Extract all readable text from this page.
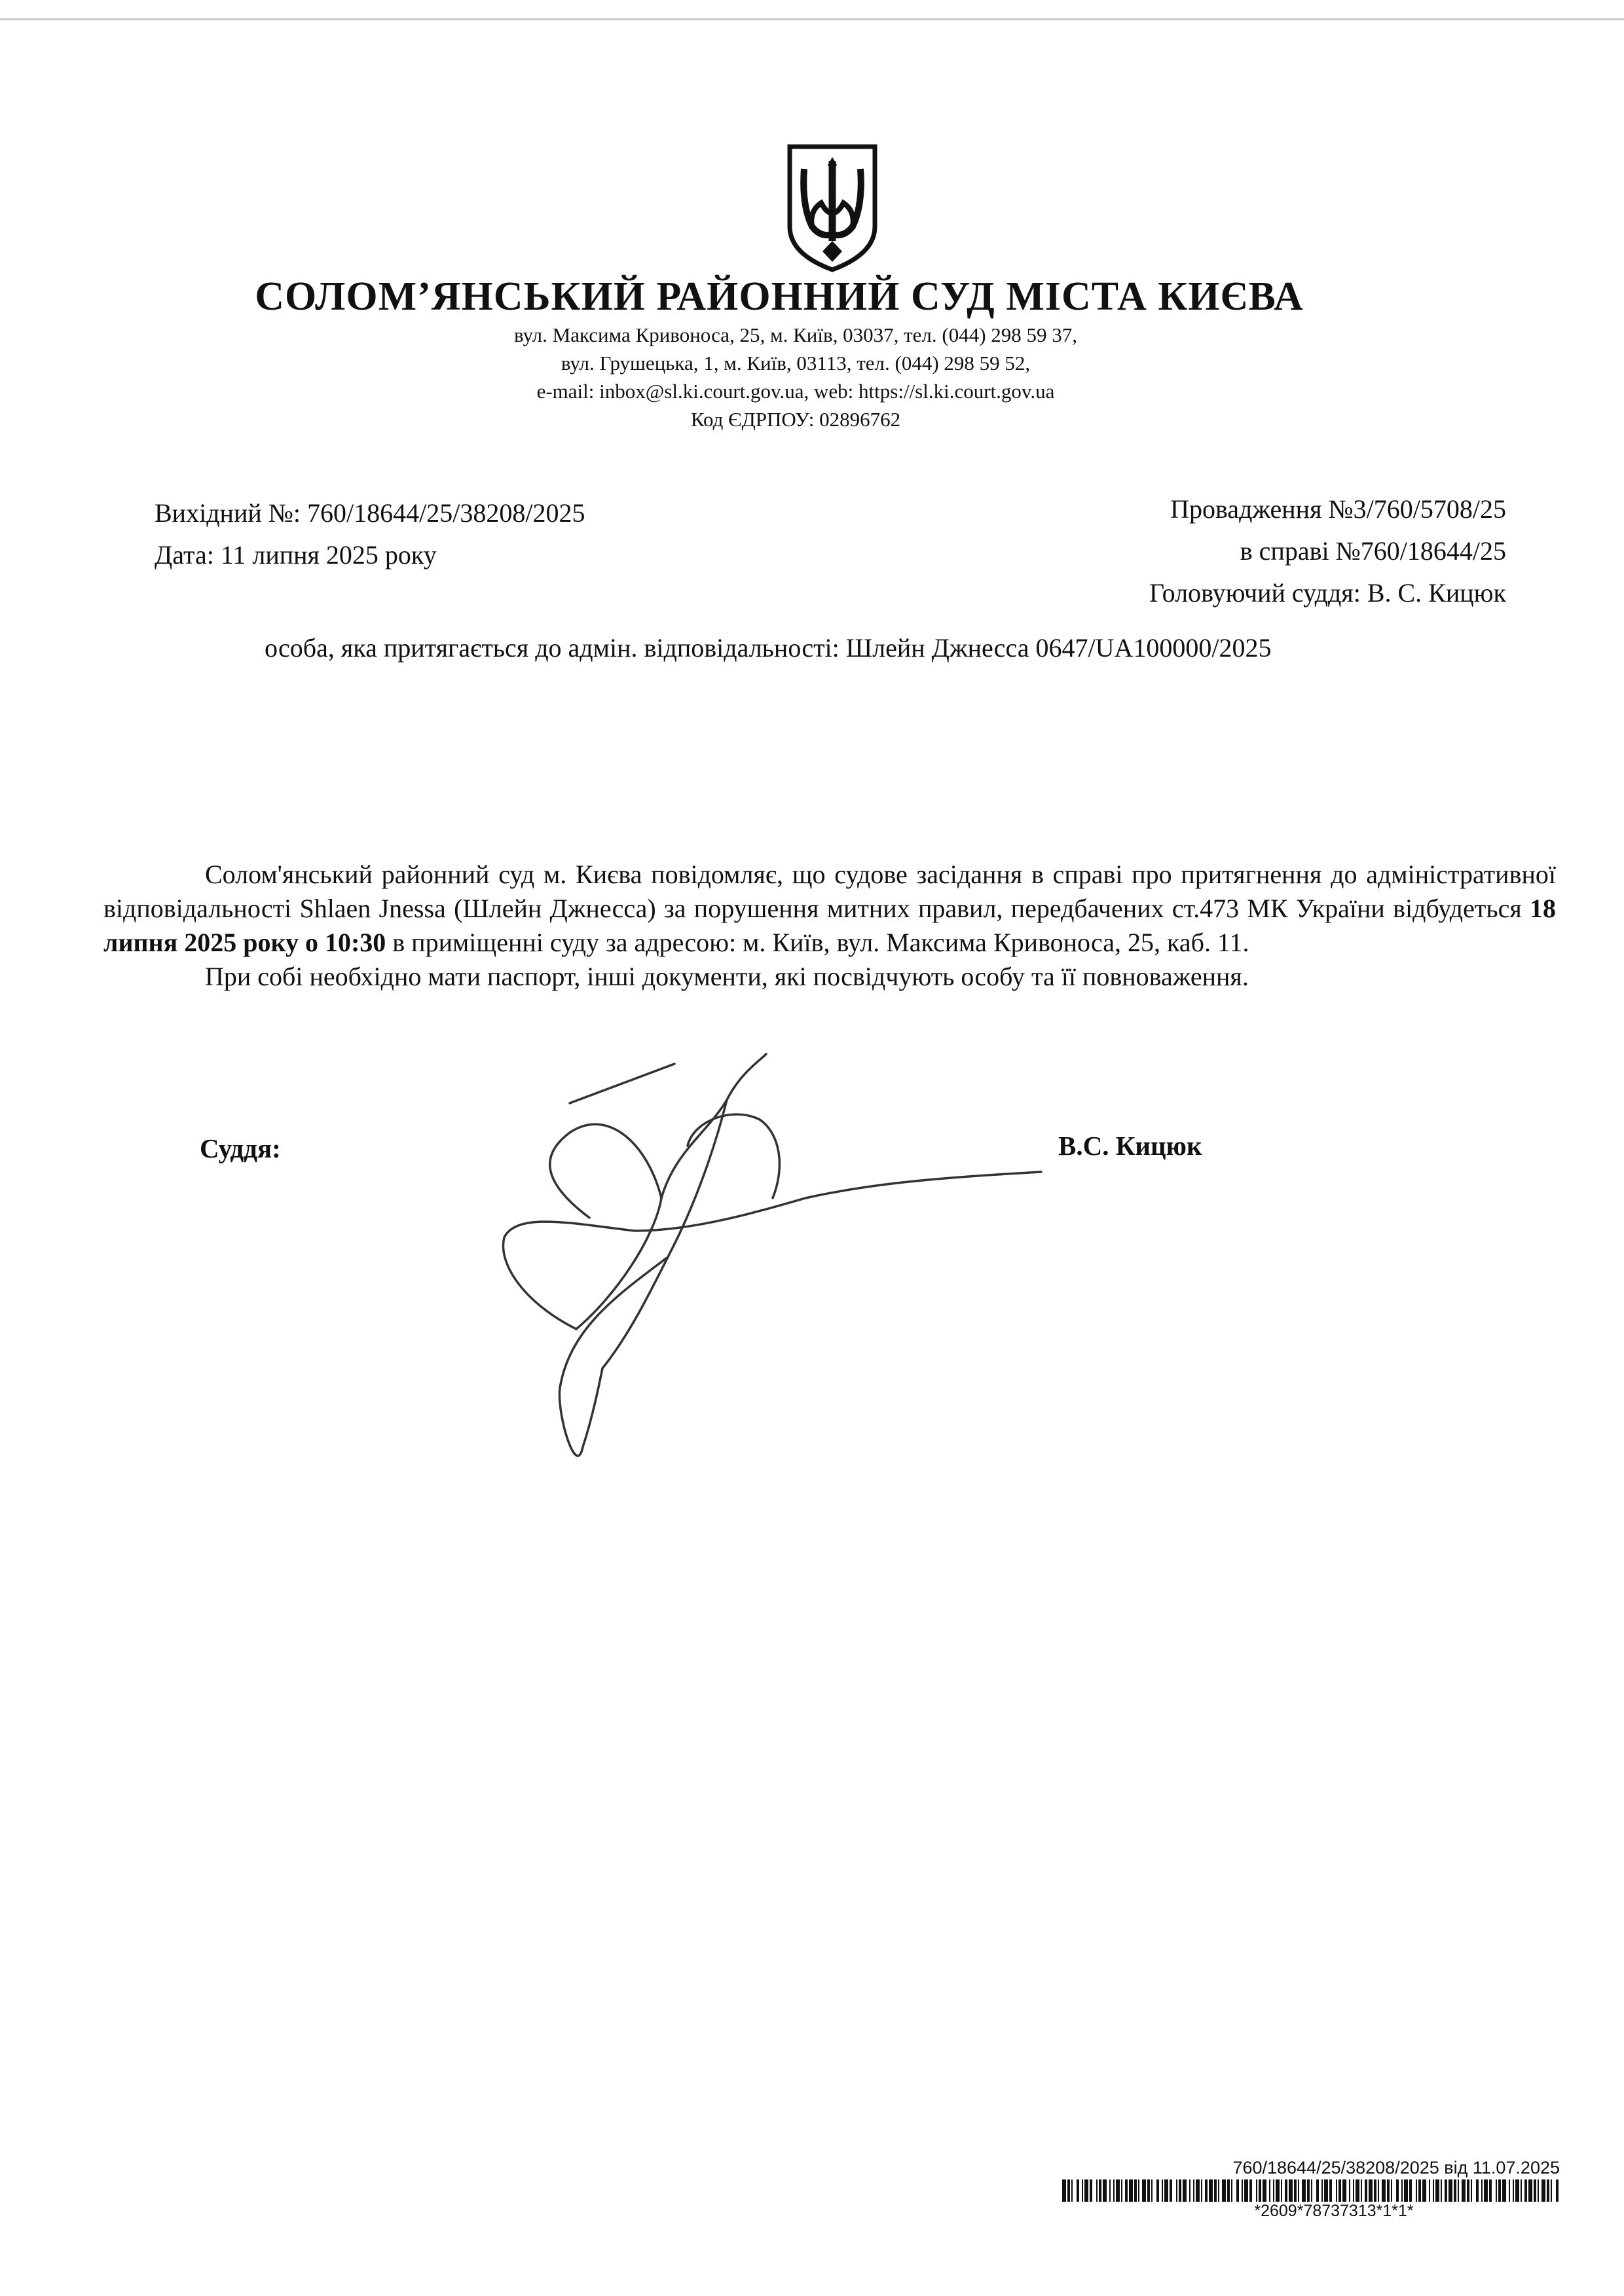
СОЛОМ’ЯНСЬКИЙ РАЙОННИЙ СУД МІСТА КИЄВА
вул. Максима Кривоноса, 25, м. Київ, 03037, тел. (044) 298 59 37,
вул. Грушецька, 1, м. Київ, 03113, тел. (044) 298 59 52,
e-mail: inbox@sl.ki.court.gov.ua, web: https://sl.ki.court.gov.ua
Код ЄДРПОУ: 02896762
Вихідний №: 760/18644/25/38208/2025
Дата: 11 липня 2025 року
Провадження №3/760/5708/25
в справі №760/18644/25
Головуючий суддя: В. С. Кицюк
особа, яка притягається до адмін. відповідальності: Шлейн Джнесса 0647/UA100000/2025

Солом'янський районний суд м. Києва повідомляє, що судове засідання в справі про притягнення до адміністративної відповідальності Shlaen Jnessa (Шлейн Джнесса) за порушення митних правил, передбачених ст.473 МК України відбудеться 18 липня 2025 року о 10:30 в приміщенні суду за адресою: м. Київ, вул. Максима Кривоноса, 25, каб. 11.

При собі необхідно мати паспорт, інші документи, які посвідчують особу та її повноваження.

Суддя:	В.С. Кицюк
760/18644/25/38208/2025 від 11.07.2025
*2609*78737313*1*1*
